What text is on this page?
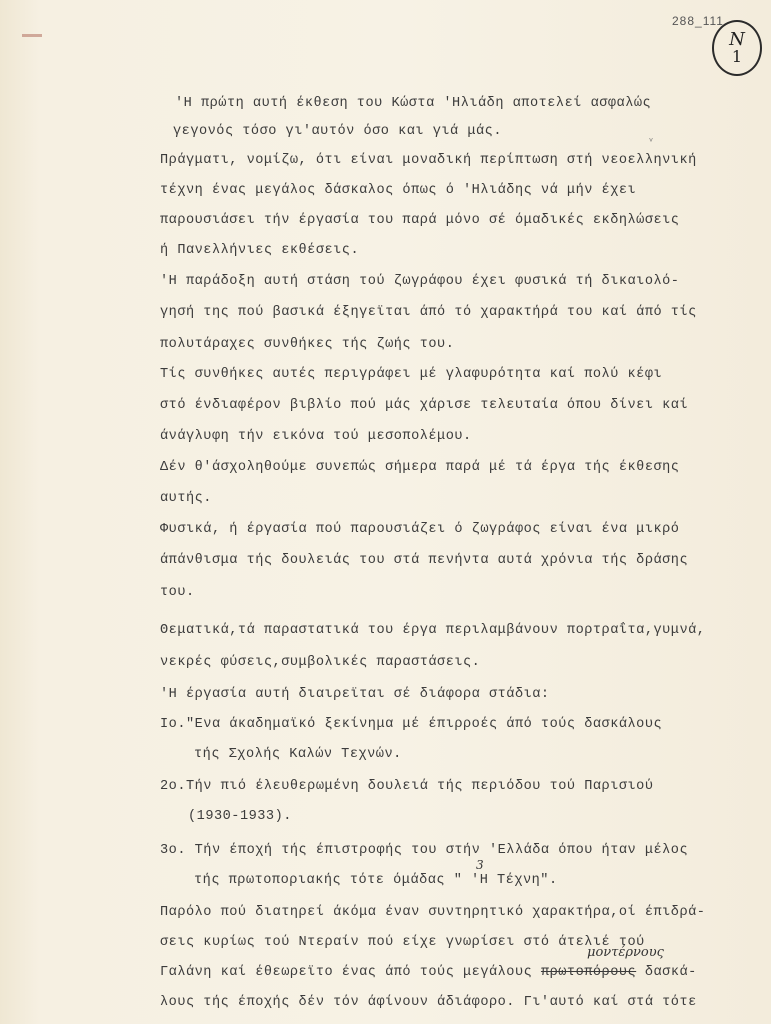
288_111
Ν
1
ᵥ
'Η πρώτη αυτή έκθεση του Κώστα 'Ηλιάδη αποτελεί ασφαλώς
γεγονός τόσο γι'αυτόν όσο και γιά μάς.
Πράγματι, νομίζω, ότι είναι μοναδική περίπτωση στή νεοελληνική
τέχνη ένας μεγάλος δάσκαλος όπως ό 'Ηλιάδης νά μήν έχει
παρουσιάσει τήν έργασία του παρά μόνο σέ όμαδικές εκδηλώσεις
ή Πανελλήνιες εκθέσεις.
'Η παράδοξη αυτή στάση τού ζωγράφου έχει φυσικά τή δικαιολό-
γησή της πού βασικά έξηγεϊται άπό τό χαρακτήρά του καί άπό τίς
πολυτάραχες συνθήκες τής ζωής του.
Τίς συνθήκες αυτές περιγράφει μέ γλαφυρότητα καί πολύ κέφι
στό ένδιαφέρον βιβλίο πού μάς χάρισε τελευταία όπου δίνει καί
άνάγλυφη τήν εικόνα τού μεσοπολέμου.
Δέν θ'άσχοληθούμε συνεπώς σήμερα παρά μέ τά έργα τής έκθεσης
αυτής.
Φυσικά, ή έργασία πού παρουσιάζει ό ζωγράφος είναι ένα μικρό
άπάνθισμα τής δουλειάς του στά πενήντα αυτά χρόνια τής δράσης
του.
Θεματικά,τά παραστατικά του έργα περιλαμβάνουν πορτραΐτα,γυμνά,
νεκρές φύσεις,συμβολικές παραστάσεις.
'Η έργασία αυτή διαιρεϊται σέ διάφορα στάδια:
Ιο."Ενα άκαδημαϊκό ξεκίνημα μέ έπιρροές άπό τούς δασκάλους
τής Σχολής Καλών Τεχνών.
2ο.Τήν πιό έλευθερωμένη δουλειά τής περιόδου τού Παρισιού
(1930-1933).
3ο. Τήν έποχή τής έπιστροφής του στήν 'Ελλάδα όπου ήταν μέλος
3
τής πρωτοποριακής τότε όμάδας " 'Η Τέχνη".
Παρόλο πού διατηρεί άκόμα έναν συντηρητικό χαρακτήρα,οί έπιδρά-
σεις κυρίως τού Ντεραίν πού είχε γνωρίσει στό άτελιέ τού
Γαλάνη καί έθεωρεϊτο ένας άπό τούς μεγάλους πρωτοπόρους δασκά-
μοντέρνους
λους τής έποχής δέν τόν άφίνουν άδιάφορο. Γι'αυτό καί στά τότε
